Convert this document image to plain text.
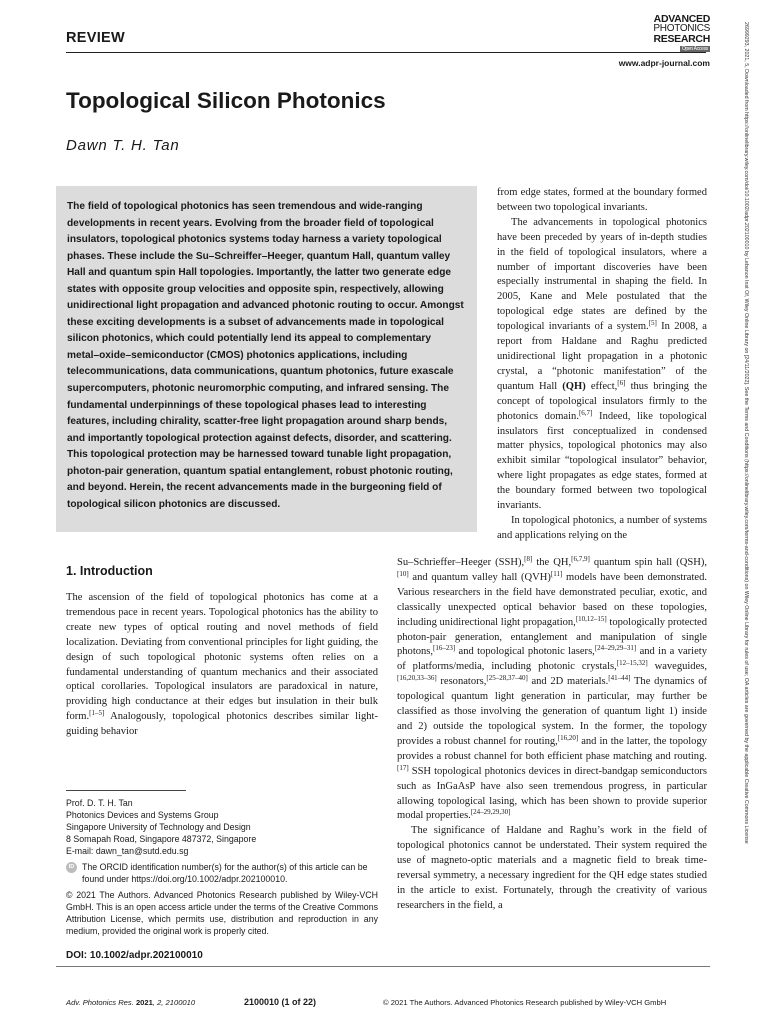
REVIEW
ADVANCED
PHOTONICS
RESEARCH
Open Access
www.adpr-journal.com
Topological Silicon Photonics
Dawn T. H. Tan

The field of topological photonics has seen tremendous and wide-ranging developments in recent years. Evolving from the broader field of topological insulators, topological photonics systems today harness a variety topological phases. These include the Su–Schreiffer–Heeger, quantum Hall, quantum valley Hall and quantum spin Hall topologies. Importantly, the latter two generate edge states with opposite group velocities and opposite spin, respectively, allowing unidirectional light propagation and advanced photonic routing to occur. Amongst these exciting developments is a subset of advancements made in topological silicon photonics, which could potentially lend its appeal to complementary metal–oxide–semiconductor (CMOS) photonics applications, including telecommunications, data communications, quantum photonics, future exascale supercomputers, photonic neuromorphic computing, and infrared sensing. The fundamental underpinnings of these topological phases lead to interesting features, including chirality, scatter-free light propagation around sharp bends, and importantly topological protection against defects, disorder, and scattering. This topological protection may be harnessed toward tunable light propagation, photon-pair generation, quantum spatial entanglement, robust photonic routing, and beyond. Herein, the recent advancements made in the burgeoning field of topological silicon photonics are discussed.

from edge states, formed at the boundary formed between two topological invariants.

The advancements in topological photonics have been preceded by years of in-depth studies in the field of topological insulators, where a number of important discoveries have been especially instrumental in shaping the field. In 2005, Kane and Mele postulated that the topological edge states are defined by the topological invariants of a system.[5] In 2008, a report from Haldane and Raghu predicted unidirectional light propagation in a photonic crystal, a “photonic manifestation” of the quantum Hall (QH) effect,[6] thus bringing the concept of topological insulators firmly to the photonics domain.[6,7] Indeed, like topological insulators first conceptualized in condensed matter physics, topological photonics may also exhibit similar “topological insulator” behavior, where light propagates as edge states, formed at the boundary formed between two topological invariants.

In topological photonics, a number of systems and applications relying on the

Su–Schrieffer–Heeger (SSH),[8] the QH,[6,7,9] quantum spin hall (QSH),[10] and quantum valley hall (QVH)[11] models have been demonstrated. Various researchers in the field have demonstrated peculiar, exotic, and classically unexpected optical behavior based on these topologies, including unidirectional light propagation,[10,12–15] topologically protected photon-pair generation, entanglement and manipulation of single photons,[16–23] and topological photonic lasers,[24–29,29–31] and in a variety of platforms/media, including photonic crystals,[12–15,32] waveguides,[16,20,33–36] resonators,[25–28,37–40] and 2D materials.[41–44] The dynamics of topological quantum light generation in particular, may further be classified as those involving the generation of quantum light 1) inside and 2) outside the topological system. In the former, the topology provides a robust channel for routing,[16,20] and in the latter, the topology provides a robust channel for both efficient phase matching and routing.[17] SSH topological photonics devices in direct-bandgap semiconductors such as InGaAsP have also seen tremendous progress, in particular allowing topological lasing, which has been shown to provide superior modal properties.[24–29,29,30]

The significance of Haldane and Raghu’s work in the field of topological photonics cannot be understated. Their system required the use of magneto-optic materials and a magnetic field to break time-reversal symmetry, a necessary ingredient for the QH edge states studied in the article to exist. Fortunately, through the creativity of various researchers in the field, a

1. Introduction

The ascension of the field of topological photonics has come at a tremendous pace in recent years. Topological photonics has the ability to create new types of optical routing and novel methods of field localization. Deviating from conventional principles for light guiding, the design of such topological photonic systems often relies on a fundamental understanding of quantum mechanics and their associated optical corollaries. Topological insulators are paradoxical in nature, providing high conductance at their edges but insulation in their bulk form.[1–5] Analogously, topological photonics describes similar light-guiding behavior

Prof. D. T. H. Tan

Photonics Devices and Systems Group

Singapore University of Technology and Design

8 Somapah Road, Singapore 487372, Singapore

E-mail: dawn_tan@sutd.edu.sg

ID The ORCID identification number(s) for the author(s) of this article can be found under https://doi.org/10.1002/adpr.202100010.
© 2021 The Authors. Advanced Photonics Research published by Wiley-VCH GmbH. This is an open access article under the terms of the Creative Commons Attribution License, which permits use, distribution and reproduction in any medium, provided the original work is properly cited.
DOI: 10.1002/adpr.202100010
Adv. Photonics Res. 2021, 2, 2100010	2100010 (1 of 22)	© 2021 The Authors. Advanced Photonics Research published by Wiley-VCH GmbH
26999293, 2021, 5, Downloaded from https://onlinelibrary.wiley.com/doi/10.1002/adpr.202100010 by Lebanon Inst Of, Wiley Online Library on [24/11/2022]. See the Terms and Conditions (https://onlinelibrary.wiley.com/terms-and-conditions) on Wiley Online Library for rules of use; OA articles are governed by the applicable Creative Commons License
